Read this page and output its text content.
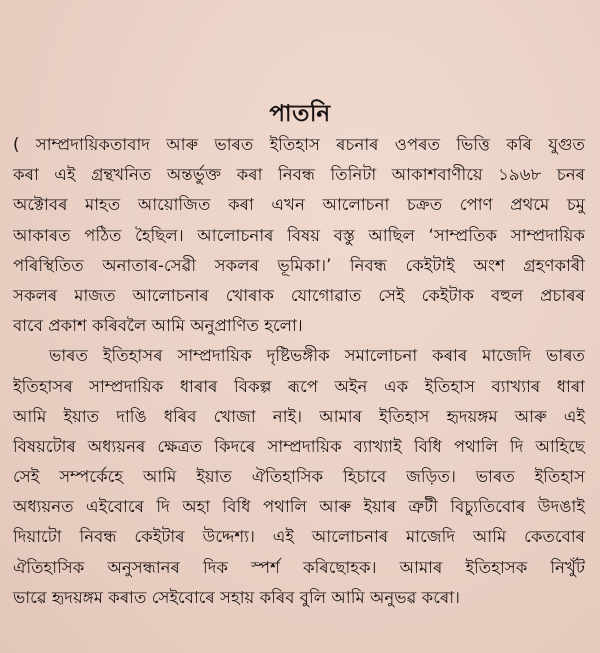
পাতনি
( সাম্প্ৰদায়িকতাবাদ আৰু ভাৰত ইতিহাস ৰচনাৰ ওপৰত ভিত্তি কৰি যুগুত
কৰা এই গ্ৰন্থখনিত অন্তৰ্ভুক্ত কৰা নিবন্ধ তিনিটা আকাশবাণীয়ে ১৯৬৮ চনৰ
অক্টোবৰ মাহত আয়োজিত কৰা এখন আলোচনা চক্ৰত পোণ প্ৰথমে চমু
আকাৰত পঠিত হৈছিল। আলোচনাৰ বিষয় বস্তু আছিল ‘সাম্প্ৰতিক সাম্প্ৰদায়িক
পৰিস্থিতিত অনাতাৰ-সেৱী সকলৰ ভূমিকা।’ নিবন্ধ কেইটাই অংশ গ্ৰহণকাৰী
সকলৰ মাজত আলোচনাৰ খোৰাক যোগোৱাত সেই কেইটাক বহুল প্ৰচাৰৰ
বাবে প্ৰকাশ কৰিবলৈ আমি অনুপ্ৰাণিত হলো।
ভাৰত ইতিহাসৰ সাম্প্ৰদায়িক দৃষ্টিভঙ্গীক সমালোচনা কৰাৰ মাজেদি ভাৰত
ইতিহাসৰ সাম্প্ৰদায়িক ধাৰাৰ বিকল্প ৰূপে অইন এক ইতিহাস ব্যাখ্যাৰ ধাৰা
আমি ইয়াত দাঙি ধৰিব খোজা নাই। আমাৰ ইতিহাস হৃদয়ঙ্গম আৰু এই
বিষয়টোৰ অধ্যয়নৰ ক্ষেত্ৰত কিদৰে সাম্প্ৰদায়িক ব্যাখ্যাই বিধি পথালি দি আহিছে
সেই সম্পৰ্কেহে আমি ইয়াত ঐতিহাসিক হিচাবে জড়িত। ভাৰত ইতিহাস
অধ্যয়নত এইবোৰে দি অহা বিধি পথালি আৰু ইয়াৰ ত্ৰুটী বিচ্যুতিবোৰ উদঙাই
দিয়াটো নিবন্ধ কেইটাৰ উদ্দেশ্য। এই আলোচনাৰ মাজেদি আমি কেতবোৰ
ঐতিহাসিক অনুসন্ধানৰ দিক স্পৰ্শ কৰিছোহক। আমাৰ ইতিহাসক নিখুঁট
ভাৱে হৃদয়ঙ্গম কৰাত সেইবোৰে সহায় কৰিব বুলি আমি অনুভৱ কৰো।
